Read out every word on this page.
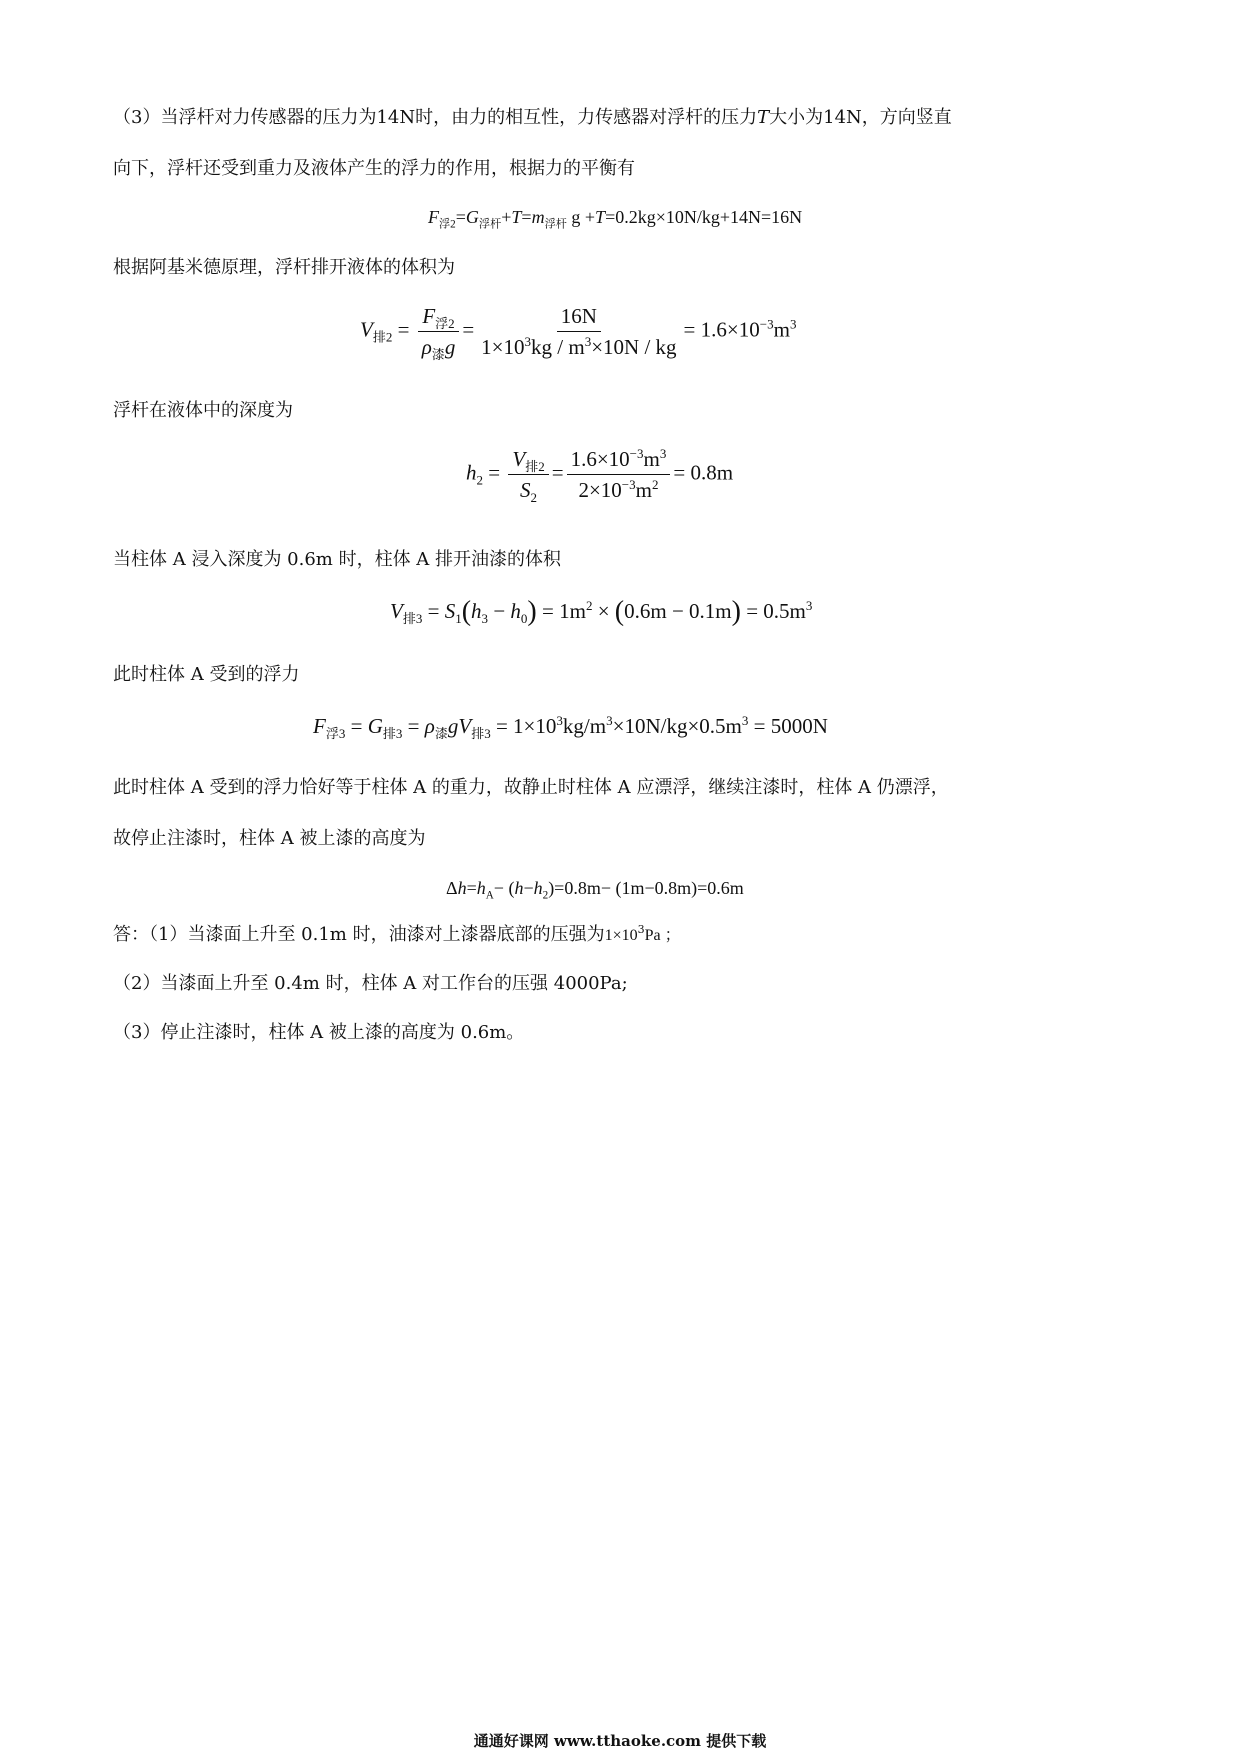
（3）当浮杆对力传感器的压力为14N时，由力的相互性，力传感器对浮杆的压力T大小为14N，方向竖直
向下，浮杆还受到重力及液体产生的浮力的作用，根据力的平衡有
$F_{浮2}=G_{浮杆}+T=m_{浮杆}$ g +T=0.2kg×10N/kg+14N=16N
根据阿基米德原理，浮杆排开液体的体积为
$V_{排2} = \frac{F_{浮2}}{\rho_漆g} = \frac{16N}{1\times 10^3kg / m^3\times 10N / kg} = 1.6\times 10^{-3}m^3$
浮杆在液体中的深度为
$h_2 = \frac{V_{排2}}{S_2} = \frac{1.6\times 10^{-3}m^3}{2\times 10^{-3}m^2} = 0.8m$
当柱体 A 浸入深度为 0.6m 时，柱体 A 排开油漆的体积
$V_{排3} = S_1(h_3 - h_0) = 1m^2 \times (0.6m - 0.1m) = 0.5m^3$
此时柱体 A 受到的浮力
$F_{浮3} = G_{排3} = \rho_漆gV_{排3} = 1\times 10^3kg/m^3\times 10N/kg\times 0.5m^3 = 5000N$
此时柱体 A 受到的浮力恰好等于柱体 A 的重力，故静止时柱体 A 应漂浮，继续注漆时，柱体 A 仍漂浮，
故停止注漆时，柱体 A 被上漆的高度为
$\Delta h=h_A- (h-h_2)=0.8m- (1m-0.8m)=0.6m$
答：（1）当漆面上升至 0.1m 时，油漆对上漆器底部的压强为$1\times 10^3Pa$ ；
（2）当漆面上升至 0.4m 时，柱体 A 对工作台的压强 4000Pa;
（3）停止注漆时，柱体 A 被上漆的高度为 0.6m。
通通好课网 www.tthaoke.com 提供下载
